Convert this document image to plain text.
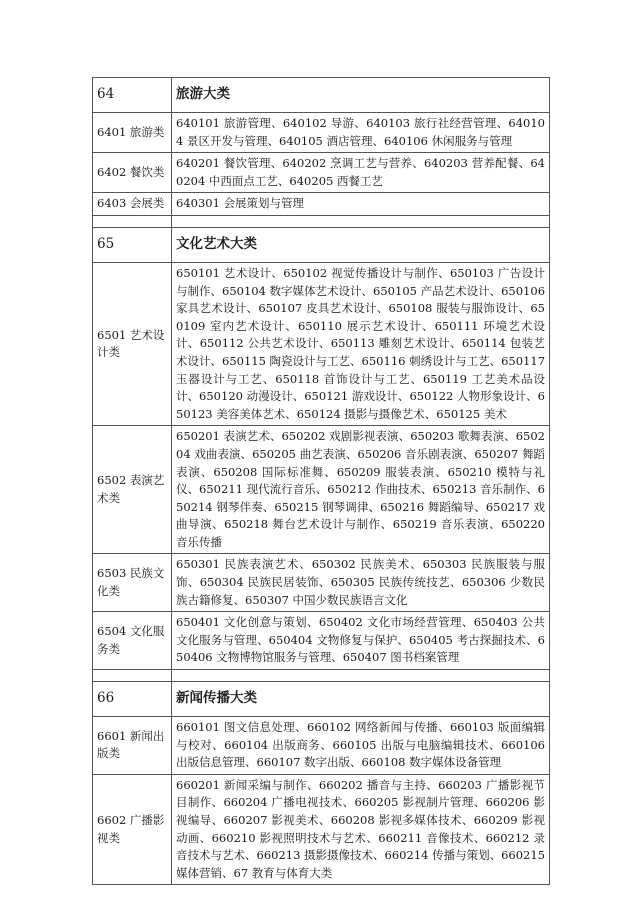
64	旅游大类
6401 旅游类	640101 旅游管理、640102 导游、640103 旅行社经营管理、640104 景区开发与管理、640105 酒店管理、640106 休闲服务与管理
6402 餐饮类	640201 餐饮管理、640202 烹调工艺与营养、640203 营养配餐、640204 中西面点工艺、640205 西餐工艺
6403 会展类	640301 会展策划与管理

65	文化艺术大类
6501 艺术设计类	650101 艺术设计、650102 视觉传播设计与制作、650103 广告设计与制作、650104 数字媒体艺术设计、650105 产品艺术设计、650106 家具艺术设计、650107 皮具艺术设计、650108 服装与服饰设计、650109 室内艺术设计、650110 展示艺术设计、650111 环境艺术设计、650112 公共艺术设计、650113 雕刻艺术设计、650114 包装艺术设计、650115 陶瓷设计与工艺、650116 刺绣设计与工艺、650117 玉器设计与工艺、650118 首饰设计与工艺、650119 工艺美术品设计、650120 动漫设计、650121 游戏设计、650122 人物形象设计、650123 美容美体艺术、650124 摄影与摄像艺术、650125 美术
6502 表演艺术类	650201 表演艺术、650202 戏剧影视表演、650203 歌舞表演、650204 戏曲表演、650205 曲艺表演、650206 音乐剧表演、650207 舞蹈表演、650208 国际标准舞、650209 服装表演、650210 模特与礼仪、650211 现代流行音乐、650212 作曲技术、650213 音乐制作、650214 钢琴伴奏、650215 钢琴调律、650216 舞蹈编导、650217 戏曲导演、650218 舞台艺术设计与制作、650219 音乐表演、650220 音乐传播
6503 民族文化类	650301 民族表演艺术、650302 民族美术、650303 民族服装与服饰、650304 民族民居装饰、650305 民族传统技艺、650306 少数民族古籍修复、650307 中国少数民族语言文化
6504 文化服务类	650401 文化创意与策划、650402 文化市场经营管理、650403 公共文化服务与管理、650404 文物修复与保护、650405 考古探掘技术、650406 文物博物馆服务与管理、650407 图书档案管理

66	新闻传播大类
6601 新闻出版类	660101 图文信息处理、660102 网络新闻与传播、660103 版面编辑与校对、660104 出版商务、660105 出版与电脑编辑技术、660106 出版信息管理、660107 数字出版、660108 数字媒体设备管理
6602 广播影视类	660201 新闻采编与制作、660202 播音与主持、660203 广播影视节目制作、660204 广播电视技术、660205 影视制片管理、660206 影视编导、660207 影视美术、660208 影视多媒体技术、660209 影视动画、660210 影视照明技术与艺术、660211 音像技术、660212 录音技术与艺术、660213 摄影摄像技术、660214 传播与策划、660215 媒体营销、67 教育与体育大类
